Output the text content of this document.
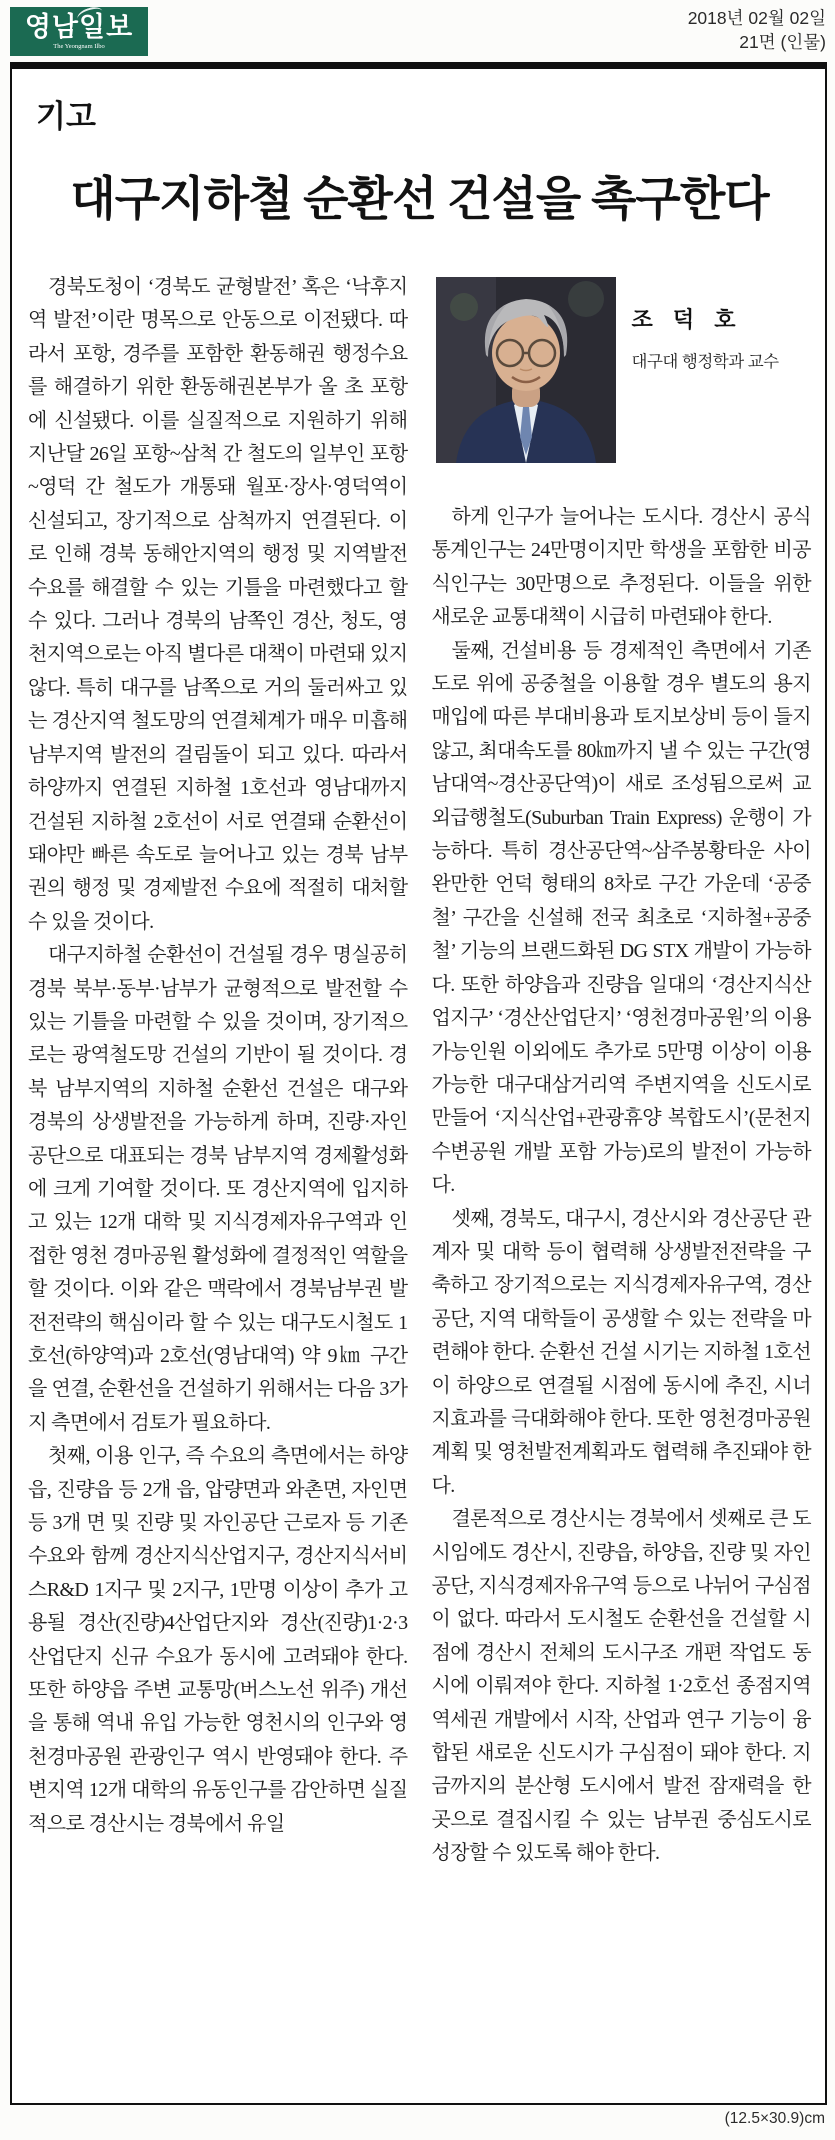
영남일보
The Yeongnam Ilbo
2018년 02월 02일
21면 (인물)
기고
대구지하철 순환선 건설을 촉구한다

경북도청이 ‘경북도 균형발전’ 혹은 ‘낙후지역 발전’이란 명목으로 안동으로 이전됐다. 따라서 포항, 경주를 포함한 환동해권 행정수요를 해결하기 위한 환동해권본부가 올 초 포항에 신설됐다. 이를 실질적으로 지원하기 위해 지난달 26일 포항~삼척 간 철도의 일부인 포항~영덕 간 철도가 개통돼 월포·장사·영덕역이 신설되고, 장기적으로 삼척까지 연결된다. 이로 인해 경북 동해안지역의 행정 및 지역발전 수요를 해결할 수 있는 기틀을 마련했다고 할 수 있다. 그러나 경북의 남쪽인 경산, 청도, 영천지역으로는 아직 별다른 대책이 마련돼 있지 않다. 특히 대구를 남쪽으로 거의 둘러싸고 있는 경산지역 철도망의 연결체계가 매우 미흡해 남부지역 발전의 걸림돌이 되고 있다. 따라서 하양까지 연결된 지하철 1호선과 영남대까지 건설된 지하철 2호선이 서로 연결돼 순환선이 돼야만 빠른 속도로 늘어나고 있는 경북 남부권의 행정 및 경제발전 수요에 적절히 대처할 수 있을 것이다.

대구지하철 순환선이 건설될 경우 명실공히 경북 북부·동부·남부가 균형적으로 발전할 수 있는 기틀을 마련할 수 있을 것이며, 장기적으로는 광역철도망 건설의 기반이 될 것이다. 경북 남부지역의 지하철 순환선 건설은 대구와 경북의 상생발전을 가능하게 하며, 진량·자인 공단으로 대표되는 경북 남부지역 경제활성화에 크게 기여할 것이다. 또 경산지역에 입지하고 있는 12개 대학 및 지식경제자유구역과 인접한 영천 경마공원 활성화에 결정적인 역할을 할 것이다. 이와 같은 맥락에서 경북남부권 발전전략의 핵심이라 할 수 있는 대구도시철도 1호선(하양역)과 2호선(영남대역) 약 9㎞ 구간을 연결, 순환선을 건설하기 위해서는 다음 3가지 측면에서 검토가 필요하다.

첫째, 이용 인구, 즉 수요의 측면에서는 하양읍, 진량읍 등 2개 읍, 압량면과 와촌면, 자인면 등 3개 면 및 진량 및 자인공단 근로자 등 기존 수요와 함께 경산지식산업지구, 경산지식서비스R&D 1지구 및 2지구, 1만명 이상이 추가 고용될 경산(진량)4산업단지와 경산(진량)1·2·3산업단지 신규 수요가 동시에 고려돼야 한다. 또한 하양읍 주변 교통망(버스노선 위주) 개선을 통해 역내 유입 가능한 영천시의 인구와 영천경마공원 관광인구 역시 반영돼야 한다. 주변지역 12개 대학의 유동인구를 감안하면 실질적으로 경산시는 경북에서 유일

조 덕 호
대구대 행정학과 교수

하게 인구가 늘어나는 도시다. 경산시 공식통계인구는 24만명이지만 학생을 포함한 비공식인구는 30만명으로 추정된다. 이들을 위한 새로운 교통대책이 시급히 마련돼야 한다.

둘째, 건설비용 등 경제적인 측면에서 기존도로 위에 공중철을 이용할 경우 별도의 용지매입에 따른 부대비용과 토지보상비 등이 들지 않고, 최대속도를 80㎞까지 낼 수 있는 구간(영남대역~경산공단역)이 새로 조성됨으로써 교외급행철도(Suburban Train Express) 운행이 가능하다. 특히 경산공단역~삼주봉황타운 사이 완만한 언덕 형태의 8차로 구간 가운데 ‘공중철’ 구간을 신설해 전국 최초로 ‘지하철+공중철’ 기능의 브랜드화된 DG STX 개발이 가능하다. 또한 하양읍과 진량읍 일대의 ‘경산지식산업지구’ ‘경산산업단지’ ‘영천경마공원’의 이용가능인원 이외에도 추가로 5만명 이상이 이용 가능한 대구대삼거리역 주변지역을 신도시로 만들어 ‘지식산업+관광휴양 복합도시’(문천지 수변공원 개발 포함 가능)로의 발전이 가능하다.

셋째, 경북도, 대구시, 경산시와 경산공단 관계자 및 대학 등이 협력해 상생발전전략을 구축하고 장기적으로는 지식경제자유구역, 경산공단, 지역 대학들이 공생할 수 있는 전략을 마련해야 한다. 순환선 건설 시기는 지하철 1호선이 하양으로 연결될 시점에 동시에 추진, 시너지효과를 극대화해야 한다. 또한 영천경마공원계획 및 영천발전계획과도 협력해 추진돼야 한다.

결론적으로 경산시는 경북에서 셋째로 큰 도시임에도 경산시, 진량읍, 하양읍, 진량 및 자인공단, 지식경제자유구역 등으로 나뉘어 구심점이 없다. 따라서 도시철도 순환선을 건설할 시점에 경산시 전체의 도시구조 개편 작업도 동시에 이뤄져야 한다. 지하철 1·2호선 종점지역 역세권 개발에서 시작, 산업과 연구 기능이 융합된 새로운 신도시가 구심점이 돼야 한다. 지금까지의 분산형 도시에서 발전 잠재력을 한 곳으로 결집시킬 수 있는 남부권 중심도시로 성장할 수 있도록 해야 한다.

(12.5×30.9)cm
